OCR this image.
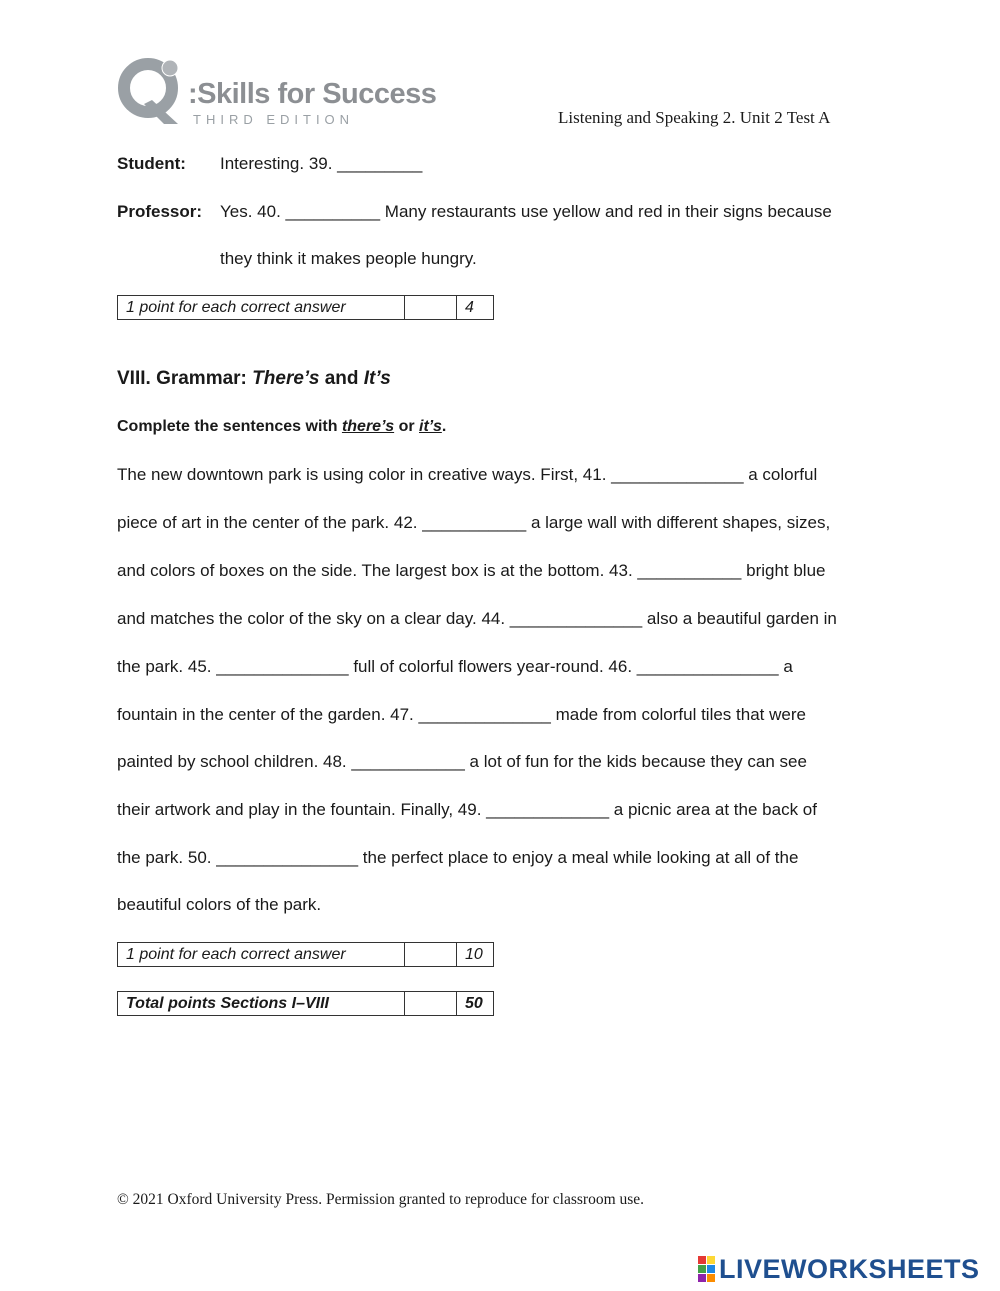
:Skills for Success
THIRD EDITION	Listening and Speaking 2. Unit 2 Test A
Student: Interesting. 39. _________
Professor: Yes. 40. __________ Many restaurants use yellow and red in their signs because
they think it makes people hungry.
1 point for each correct answer	4
VIII. Grammar: There’s and It’s
Complete the sentences with there’s or it’s.
The new downtown park is using color in creative ways. First, 41. ______________ a colorful
piece of art in the center of the park. 42. ___________ a large wall with different shapes, sizes,
and colors of boxes on the side. The largest box is at the bottom. 43. ___________ bright blue
and matches the color of the sky on a clear day. 44. ______________ also a beautiful garden in
the park. 45. ______________ full of colorful flowers year-round. 46. _______________ a
fountain in the center of the garden. 47. ______________ made from colorful tiles that were
painted by school children. 48. ____________ a lot of fun for the kids because they can see
their artwork and play in the fountain. Finally, 49. _____________ a picnic area at the back of
the park. 50. _______________ the perfect place to enjoy a meal while looking at all of the
beautiful colors of the park.
1 point for each correct answer	10
Total points Sections I–VIII	50
© 2021 Oxford University Press. Permission granted to reproduce for classroom use.
LIVEWORKSHEETS
